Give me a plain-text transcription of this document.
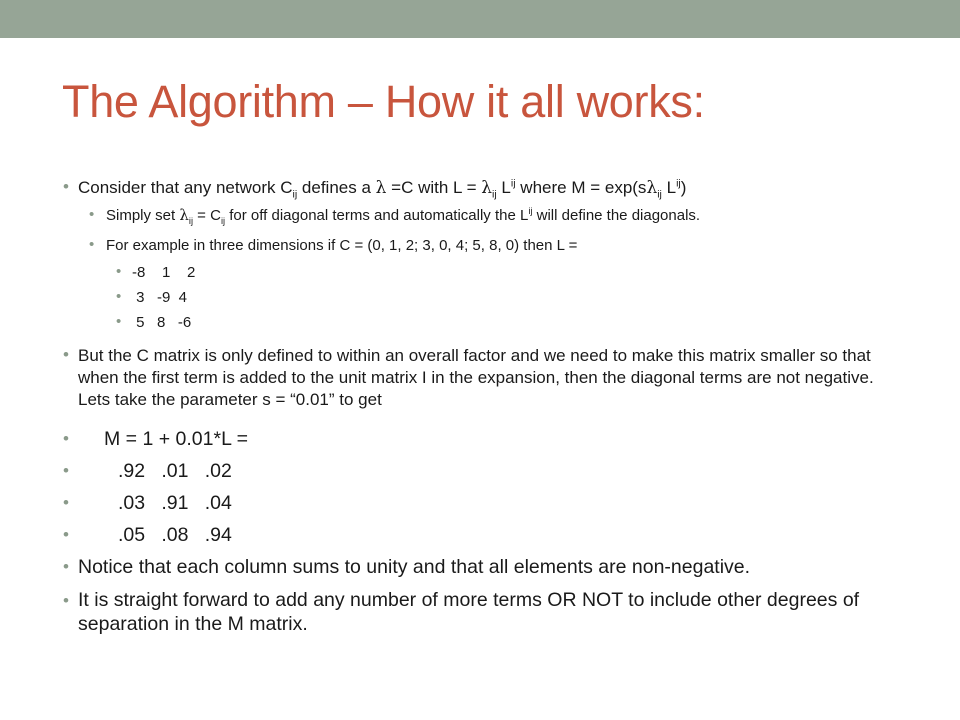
The Algorithm – How it all works:
• Consider that any network $C_{ij}$ defines a λ =C with $L = \lambda_{ij}$ $L^{ij}$ where $M = \exp(s\lambda_{ij}$ $L^{ij}$)
• Simply set $\lambda_{ij} = C_{ij}$ for off diagonal terms and automatically the $L^{ij}$ will define the diagonals.
• For example in three dimensions if C = (0, 1, 2; 3, 0, 4; 5, 8, 0) then L =
• -8    1    2
• 3   -9  4
• 5   8   -6
• But the C matrix is only defined to within an overall factor and we need to make this matrix smaller so that when the first term is added to the unit matrix I in the expansion, then the diagonal terms are not negative. Lets take the parameter s = “0.01” to get
• M = 1 + 0.01*L =
•	.92   .01   .02
•	.03   .91   .04
•	.05   .08   .94
• Notice that each column sums to unity and that all elements are non-negative.
• It is straight forward to add any number of more terms OR NOT to include other degrees of separation in the M matrix.
